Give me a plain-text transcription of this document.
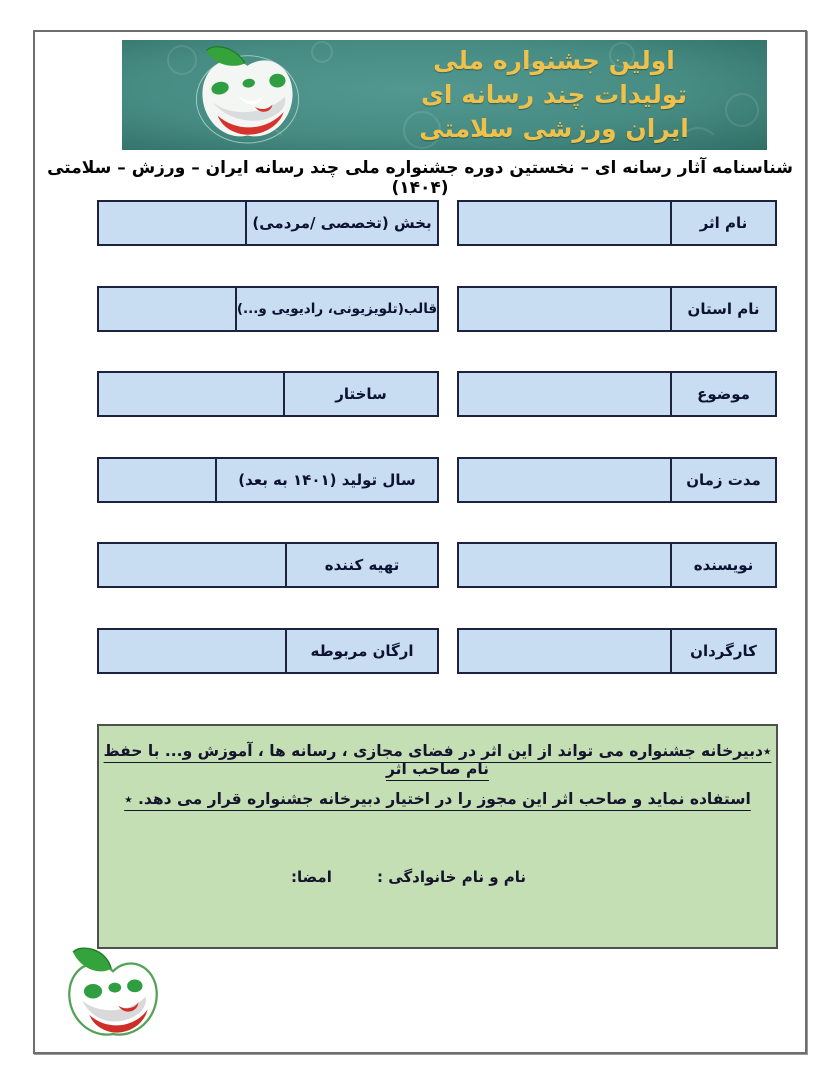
اولین جشنواره ملی
تولیدات چند رسانه ای
ایران ورزشی سلامتی
شناسنامه آثار رسانه ای – نخستین دوره جشنواره ملی چند رسانه ایران – ورزش – سلامتی (۱۴۰۴)
نام اثر
نام استان
موضوع
مدت زمان
نویسنده
کارگردان
بخش (تخصصی /مردمی)
قالب(تلویزیونی، رادیویی و...)
ساختار
سال تولید (۱۴۰۱ به بعد)
تهیه کننده
ارگان مربوطه
٭دبیرخانه جشنواره می تواند از این اثر در فضای مجازی ، رسانه ها ، آموزش و... با حفظ نام صاحب اثر
استفاده نماید و صاحب اثر این مجوز را در اختیار دبیرخانه جشنواره قرار می دهد. ٭
نام و نام خانوادگی :
امضا:
